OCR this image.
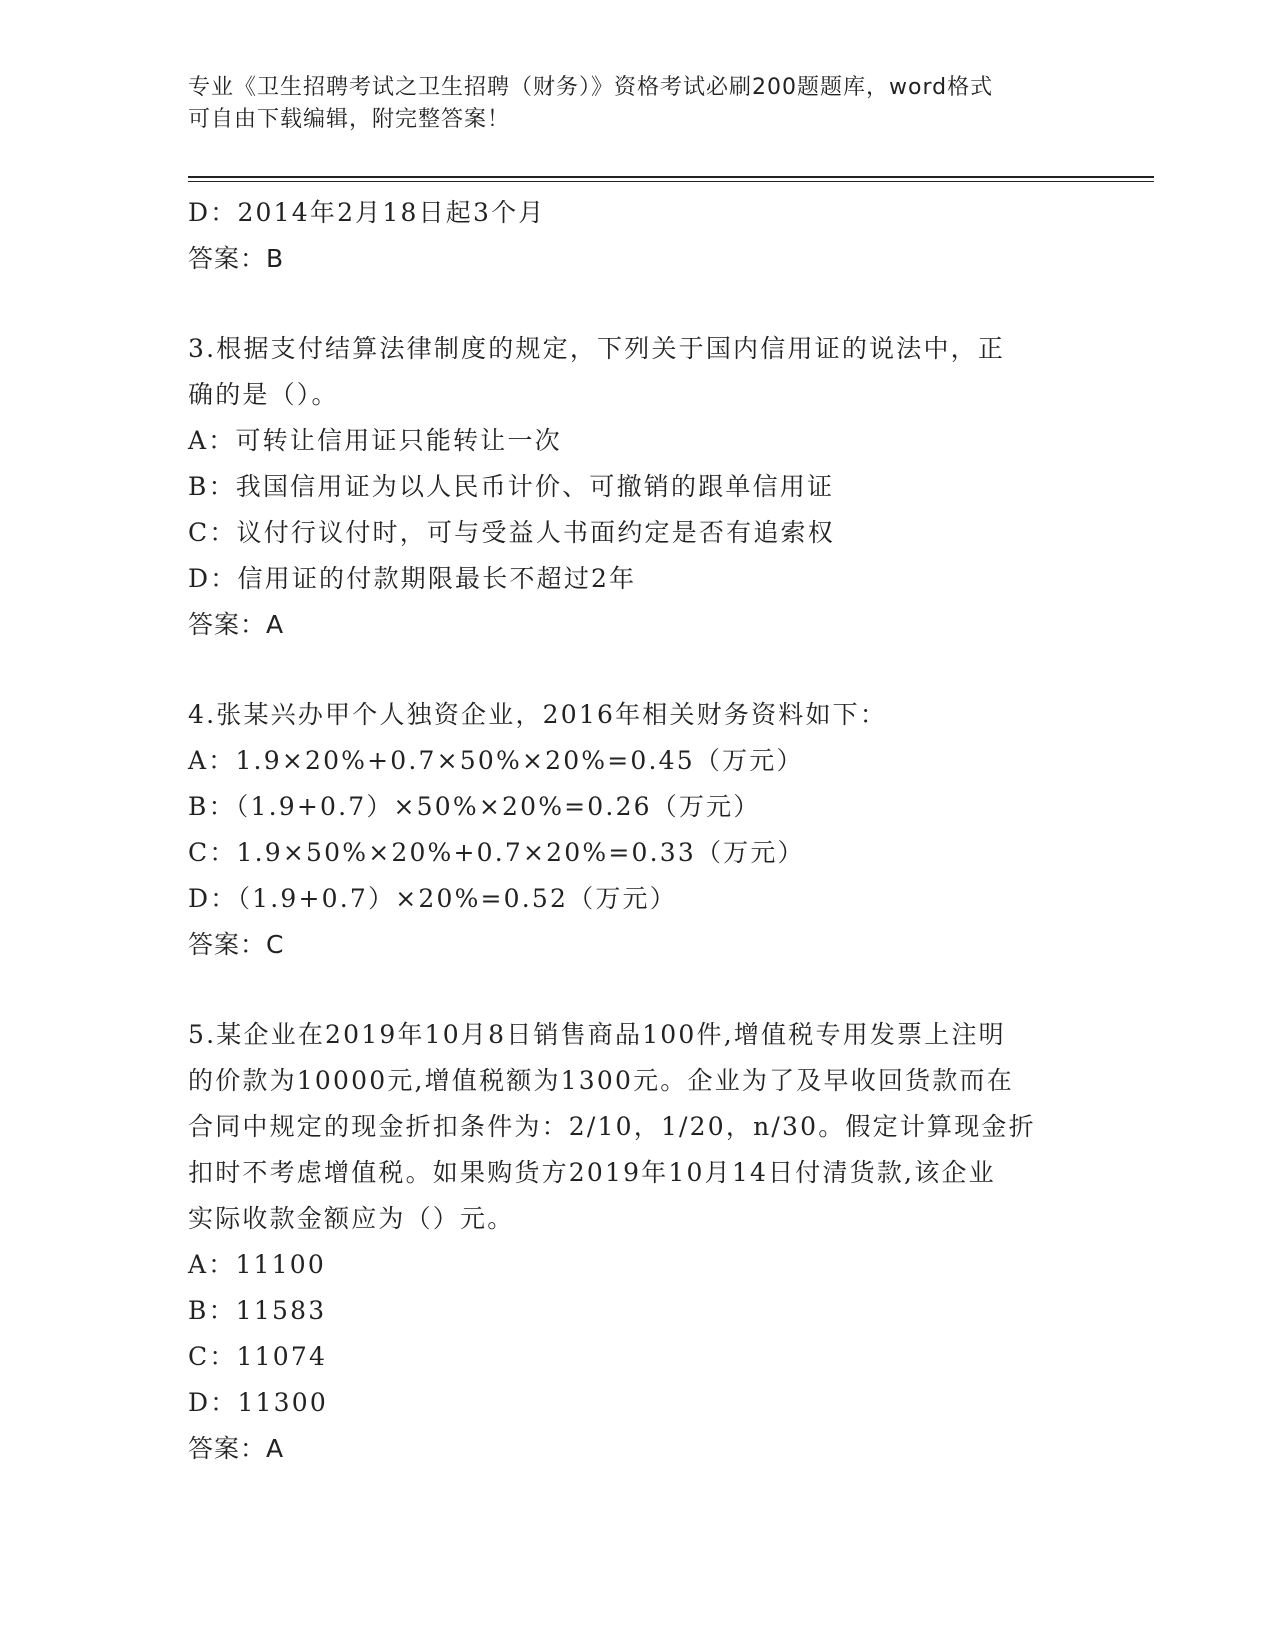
专业《卫生招聘考试之卫生招聘（财务）》资格考试必刷200题题库，word格式
可自由下载编辑，附完整答案！
D：2014年2月18日起3个月
答案：B
3.根据支付结算法律制度的规定，下列关于国内信用证的说法中，正
确的是（）。
A：可转让信用证只能转让一次
B：我国信用证为以人民币计价、可撤销的跟单信用证
C：议付行议付时，可与受益人书面约定是否有追索权
D：信用证的付款期限最长不超过2年
答案：A
4.张某兴办甲个人独资企业，2016年相关财务资料如下：
A：1.9×20%+0.7×50%×20%=0.45（万元）
B：（1.9+0.7）×50%×20%=0.26（万元）
C：1.9×50%×20%+0.7×20%=0.33（万元）
D：（1.9+0.7）×20%=0.52（万元）
答案：C
5.某企业在2019年10月8日销售商品100件,增值税专用发票上注明
的价款为10000元,增值税额为1300元。企业为了及早收回货款而在
合同中规定的现金折扣条件为：2/10，1/20，n/30。假定计算现金折
扣时不考虑增值税。如果购货方2019年10月14日付清货款,该企业
实际收款金额应为（）元。
A：11100
B：11583
C：11074
D：11300
答案：A
